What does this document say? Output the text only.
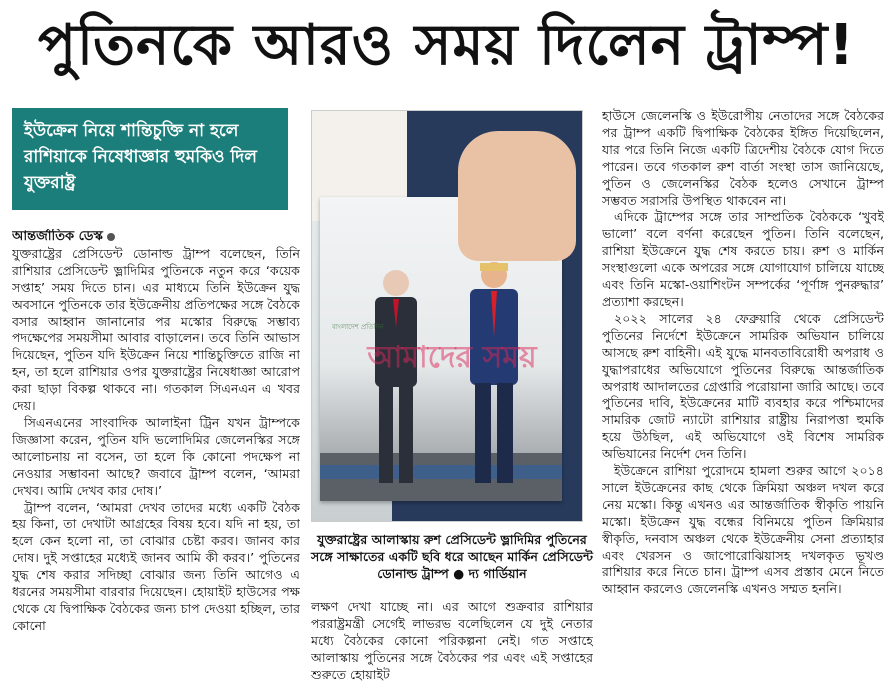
পুতিনকে আরও সময় দিলেন ট্রাম্প!
ইউক্রেন নিয়ে শান্তিচুক্তি না হলে রাশিয়াকে নিষেধাজ্ঞার হুমকিও দিল যুক্তরাষ্ট্র

আন্তর্জাতিক ডেস্ক

যুক্তরাষ্ট্রের প্রেসিডেন্ট ডোনাল্ড ট্রাম্প বলেছেন, তিনি রাশিয়ার প্রেসিডেন্ট ভ্লাদিমির পুতিনকে নতুন করে ‘কয়েক সপ্তাহ’ সময় দিতে চান। এর মাধ্যমে তিনি ইউক্রেন যুদ্ধ অবসানে পুতিনকে তার ইউক্রেনীয় প্রতিপক্ষের সঙ্গে বৈঠকে বসার আহ্বান জানানোর পর মস্কোর বিরুদ্ধে সম্ভাব্য পদক্ষেপের সময়সীমা আবার বাড়ালেন। তবে তিনি আভাস দিয়েছেন, পুতিন যদি ইউক্রেন নিয়ে শান্তিচুক্তিতে রাজি না হন, তা হলে রাশিয়ার ওপর যুক্তরাষ্ট্রের নিষেধাজ্ঞা আরোপ করা ছাড়া বিকল্প থাকবে না। গতকাল সিএনএন এ খবর দেয়।

সিএনএনের সাংবাদিক আলাইনা ট্রিন যখন ট্রাম্পকে জিজ্ঞাসা করেন, পুতিন যদি ভলোদিমির জেলেনস্কির সঙ্গে আলোচনায় না বসেন, তা হলে কি কোনো পদক্ষেপ না নেওয়ার সম্ভাবনা আছে? জবাবে ট্রাম্প বলেন, ‘আমরা দেখব। আমি দেখব কার দোষ।’

ট্রাম্প বলেন, ‘আমরা দেখব তাদের মধ্যে একটি বৈঠক হয় কিনা, তা দেখাটা আগ্রহের বিষয় হবে। যদি না হয়, তা হলে কেন হলো না, তা বোঝার চেষ্টা করব। জানব কার দোষ। দুই সপ্তাহের মধ্যেই জানব আমি কী করব।’ পুতিনের যুদ্ধ শেষ করার সদিচ্ছা বোঝার জন্য তিনি আগেও এ ধরনের সময়সীমা বারবার দিয়েছেন। হোয়াইট হাউসের পক্ষ থেকে যে দ্বিপাক্ষিক বৈঠকের জন্য চাপ দেওয়া হচ্ছিল, তার কোনো

বাংলাদেশ প্রতিদিন
আমাদের সময়
যুক্তরাষ্ট্রের আলাস্কায় রুশ প্রেসিডেন্ট ভ্লাদিমির পুতিনের সঙ্গে সাক্ষাতের একটি ছবি ধরে আছেন মার্কিন প্রেসিডেন্ট ডোনাল্ড ট্রাম্প ● দ্য গার্ডিয়ান

লক্ষণ দেখা যাচ্ছে না। এর আগে শুক্রবার রাশিয়ার পররাষ্ট্রমন্ত্রী সের্গেই লাভরভ বলেছিলেন যে দুই নেতার মধ্যে বৈঠকের কোনো পরিকল্পনা নেই। গত সপ্তাহে আলাস্কায় পুতিনের সঙ্গে বৈঠকের পর এবং এই সপ্তাহের শুরুতে হোয়াইট

হাউসে জেলেনস্কি ও ইউরোপীয় নেতাদের সঙ্গে বৈঠকের পর ট্রাম্প একটি দ্বিপাক্ষিক বৈঠকের ইঙ্গিত দিয়েছিলেন, যার পরে তিনি নিজে একটি ত্রিদেশীয় বৈঠকে যোগ দিতে পারেন। তবে গতকাল রুশ বার্তা সংস্থা তাস জানিয়েছে, পুতিন ও জেলেনস্কির বৈঠক হলেও সেখানে ট্রাম্প সম্ভবত সরাসরি উপস্থিত থাকবেন না।

এদিকে ট্রাম্পের সঙ্গে তার সাম্প্রতিক বৈঠককে ‘খুবই ভালো’ বলে বর্ণনা করেছেন পুতিন। তিনি বলেছেন, রাশিয়া ইউক্রেনে যুদ্ধ শেষ করতে চায়। রুশ ও মার্কিন সংস্থাগুলো একে অপরের সঙ্গে যোগাযোগ চালিয়ে যাচ্ছে এবং তিনি মস্কো-ওয়াশিংটন সম্পর্কের ‘পূর্ণাঙ্গ পুনরুদ্ধার’ প্রত্যাশা করছেন।

২০২২ সালের ২৪ ফেব্রুয়ারি থেকে প্রেসিডেন্ট পুতিনের নির্দেশে ইউক্রেনে সামরিক অভিযান চালিয়ে আসছে রুশ বাহিনী। এই যুদ্ধে মানবতাবিরোধী অপরাধ ও যুদ্ধাপরাধের অভিযোগে পুতিনের বিরুদ্ধে আন্তর্জাতিক অপরাধ আদালতের গ্রেপ্তারি পরোয়ানা জারি আছে। তবে পুতিনের দাবি, ইউক্রেনের মাটি ব্যবহার করে পশ্চিমাদের সামরিক জোট ন্যাটো রাশিয়ার রাষ্ট্রীয় নিরাপত্তা হুমকি হয়ে উঠছিল, এই অভিযোগে ওই বিশেষ সামরিক অভিযানের নির্দেশ দেন তিনি।

ইউক্রেনে রাশিয়া পুরোদমে হামলা শুরুর আগে ২০১৪ সালে ইউক্রেনের কাছ থেকে ক্রিমিয়া অঞ্চল দখল করে নেয় মস্কো। কিন্তু এখনও এর আন্তর্জাতিক স্বীকৃতি পায়নি মস্কো। ইউক্রেন যুদ্ধ বন্ধের বিনিময়ে পুতিন ক্রিমিয়ার স্বীকৃতি, দনবাস অঞ্চল থেকে ইউক্রেনীয় সেনা প্রত্যাহার এবং খেরসন ও জাপোরোঝিয়াসহ দখলকৃত ভূখণ্ড রাশিয়ার করে নিতে চান। ট্রাম্প এসব প্রস্তাব মেনে নিতে আহ্বান করলেও জেলেনস্কি এখনও সম্মত হননি।
